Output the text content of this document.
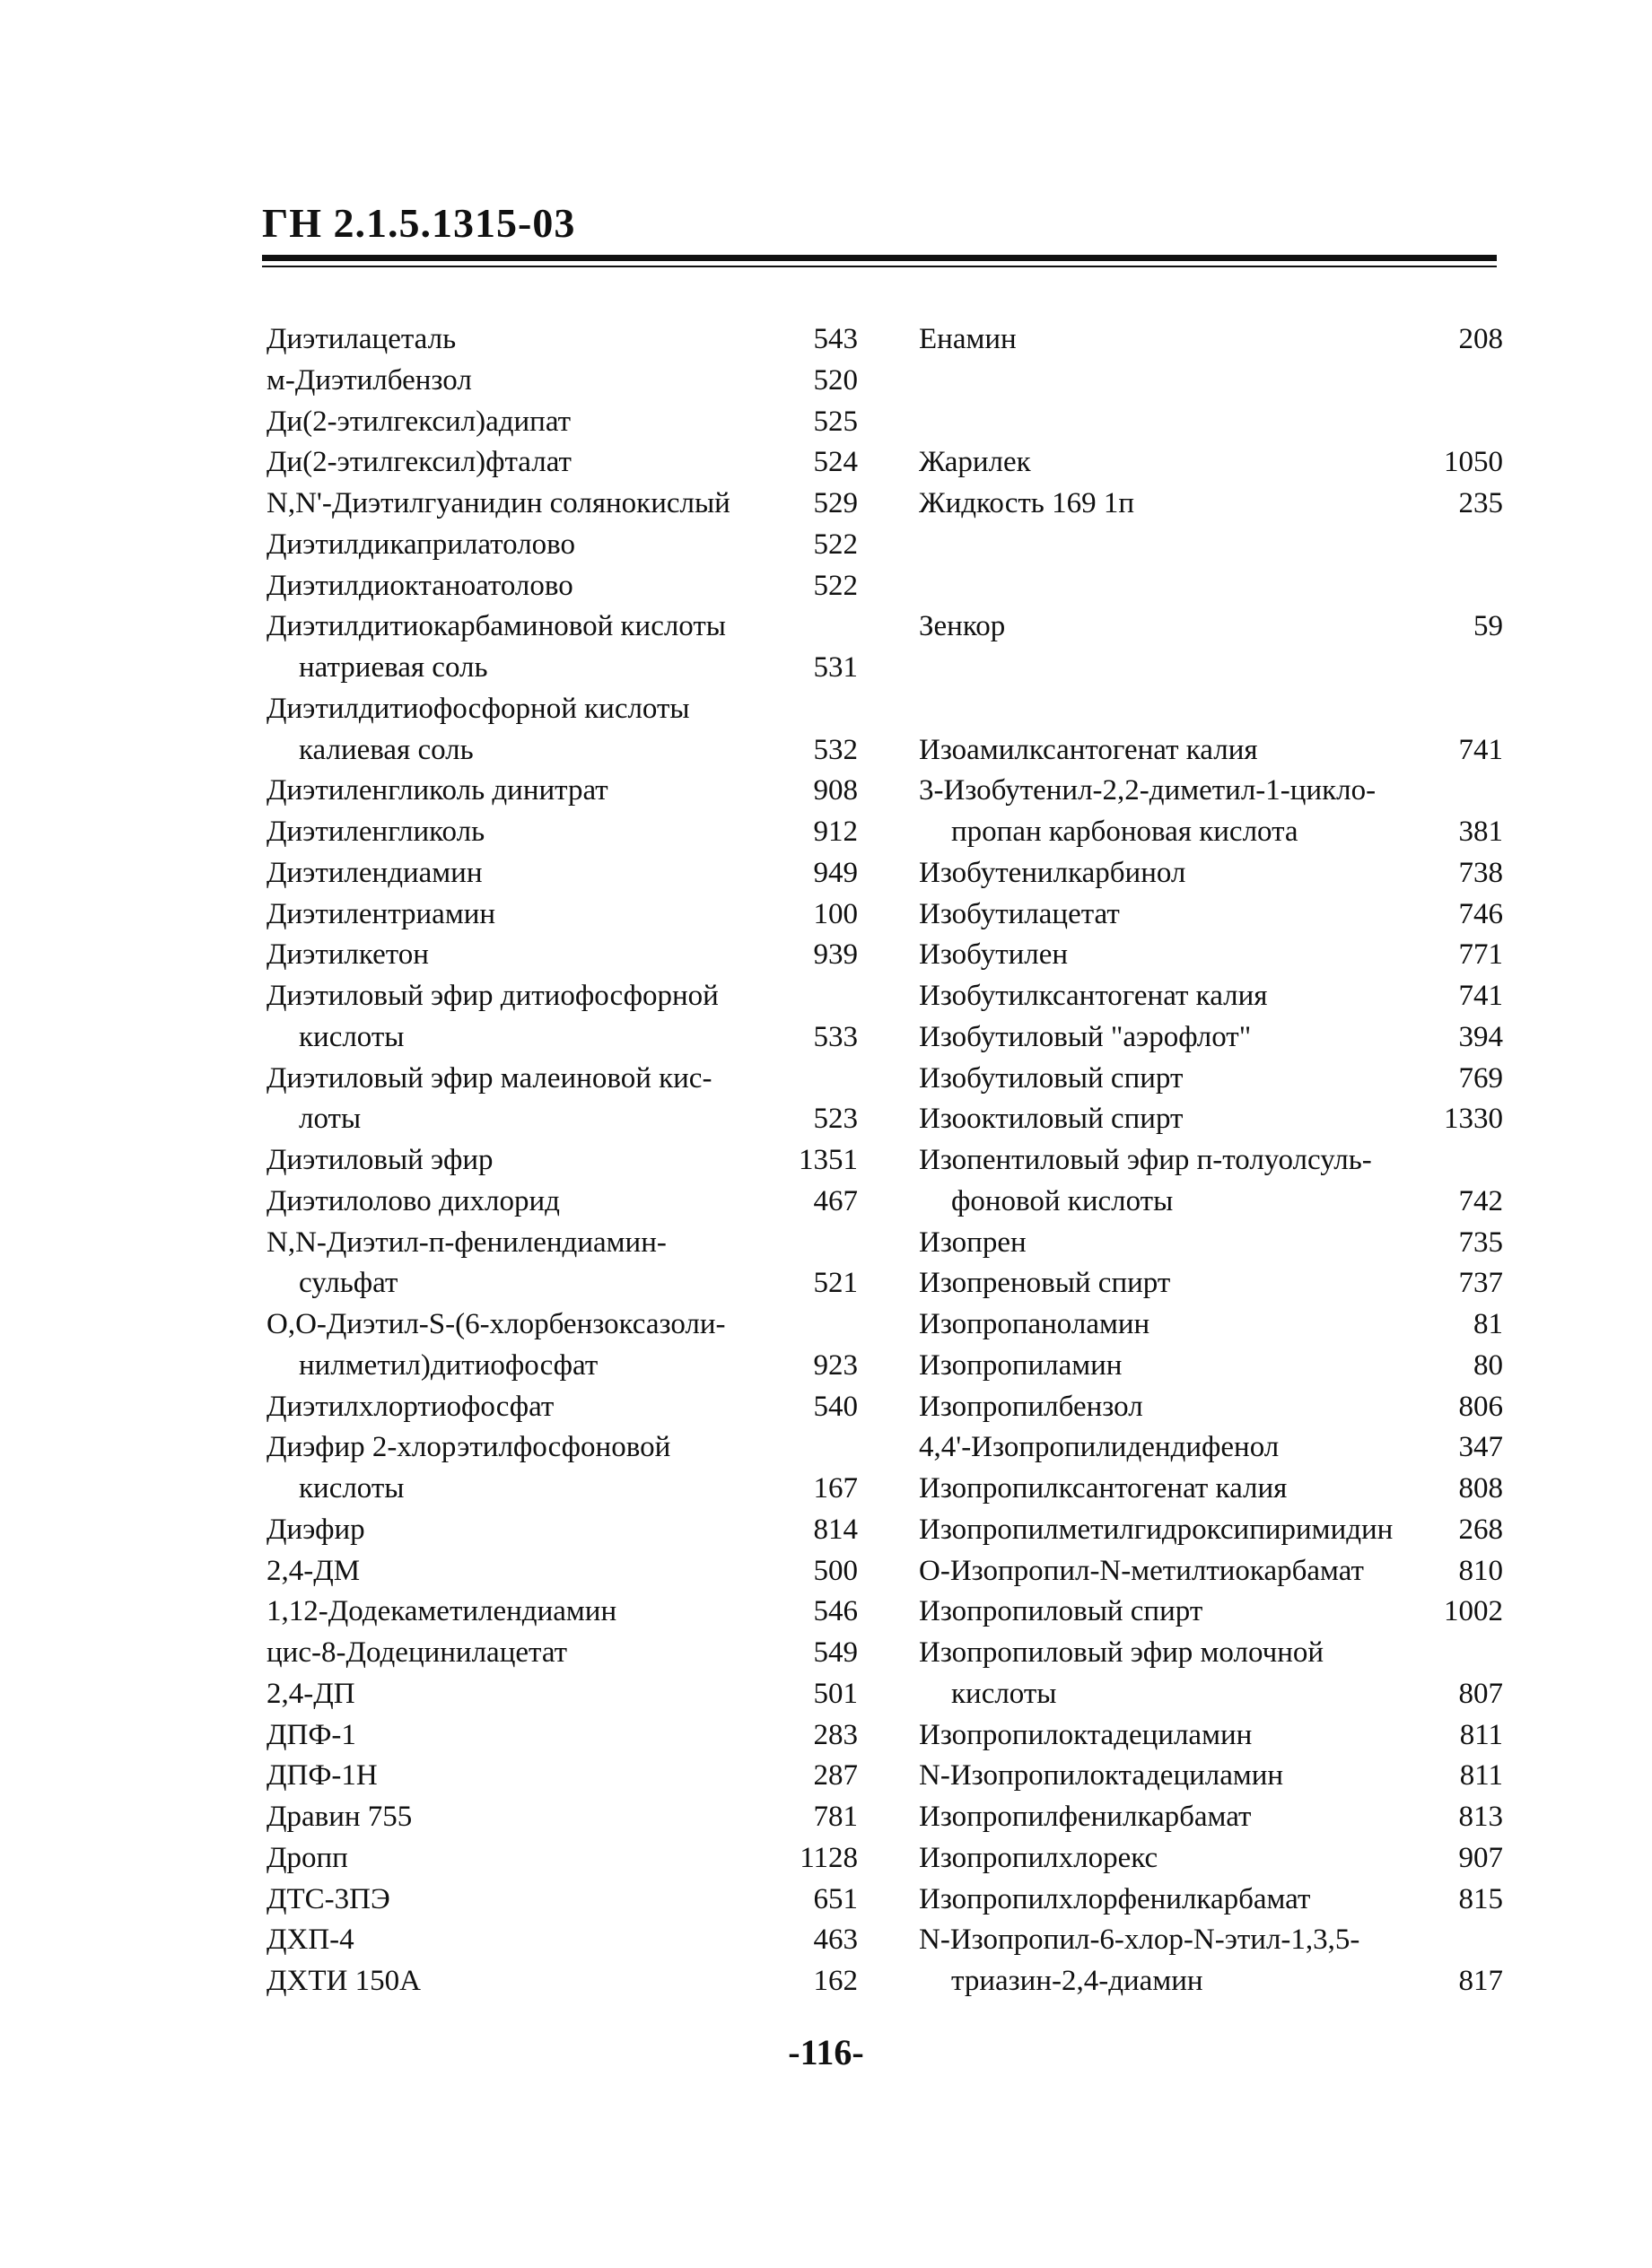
ГН 2.1.5.1315-03
Диэтилацеталь	543
м-Диэтилбензол	520
Ди(2-этилгексил)адипат	525
Ди(2-этилгексил)фталат	524
N,N'-Диэтилгуанидин солянокислый	529
Диэтилдикаприлатолово	522
Диэтилдиоктаноатолово	522
Диэтилдитиокарбаминовой кислоты
натриевая соль	531
Диэтилдитиофосфорной кислоты
калиевая соль	532
Диэтиленгликоль динитрат	908
Диэтиленгликоль	912
Диэтилендиамин	949
Диэтилентриамин	100
Диэтилкетон	939
Диэтиловый эфир дитиофосфорной
кислоты	533
Диэтиловый эфир малеиновой кис-
лоты	523
Диэтиловый эфир	1351
Диэтилолово дихлорид	467
N,N-Диэтил-п-фенилендиамин-
сульфат	521
О,О-Диэтил-S-(6-хлорбензоксазоли-
нилметил)дитиофосфат	923
Диэтилхлортиофосфат	540
Диэфир 2-хлорэтилфосфоновой
кислоты	167
Диэфир	814
2,4-ДМ	500
1,12-Додекаметилендиамин	546
цис-8-Додецинилацетат	549
2,4-ДП	501
ДПФ-1	283
ДПФ-1Н	287
Дравин 755	781
Дропп	1128
ДТС-3ПЭ	651
ДХП-4	463
ДХТИ 150А	162
Енамин	208
Жарилек	1050
Жидкость 169 1п	235
Зенкор	59
Изоамилксантогенат калия	741
3-Изобутенил-2,2-диметил-1-цикло-
пропан карбоновая кислота	381
Изобутенилкарбинол	738
Изобутилацетат	746
Изобутилен	771
Изобутилксантогенат калия	741
Изобутиловый "аэрофлот"	394
Изобутиловый спирт	769
Изооктиловый спирт	1330
Изопентиловый эфир п-толуолсуль-
фоновой кислоты	742
Изопрен	735
Изопреновый спирт	737
Изопропаноламин	81
Изопропиламин	80
Изопропилбензол	806
4,4'-Изопропилидендифенол	347
Изопропилксантогенат калия	808
Изопропилметилгидроксипиримидин 268
О-Изопропил-N-метилтиокарбамат	810
Изопропиловый спирт	1002
Изопропиловый эфир молочной
кислоты	807
Изопропилоктадециламин	811
N-Изопропилоктадециламин	811
Изопропилфенилкарбамат	813
Изопропилхлорекс	907
Изопропилхлорфенилкарбамат	815
N-Изопропил-6-хлор-N-этил-1,3,5-
триазин-2,4-диамин	817
-116-
